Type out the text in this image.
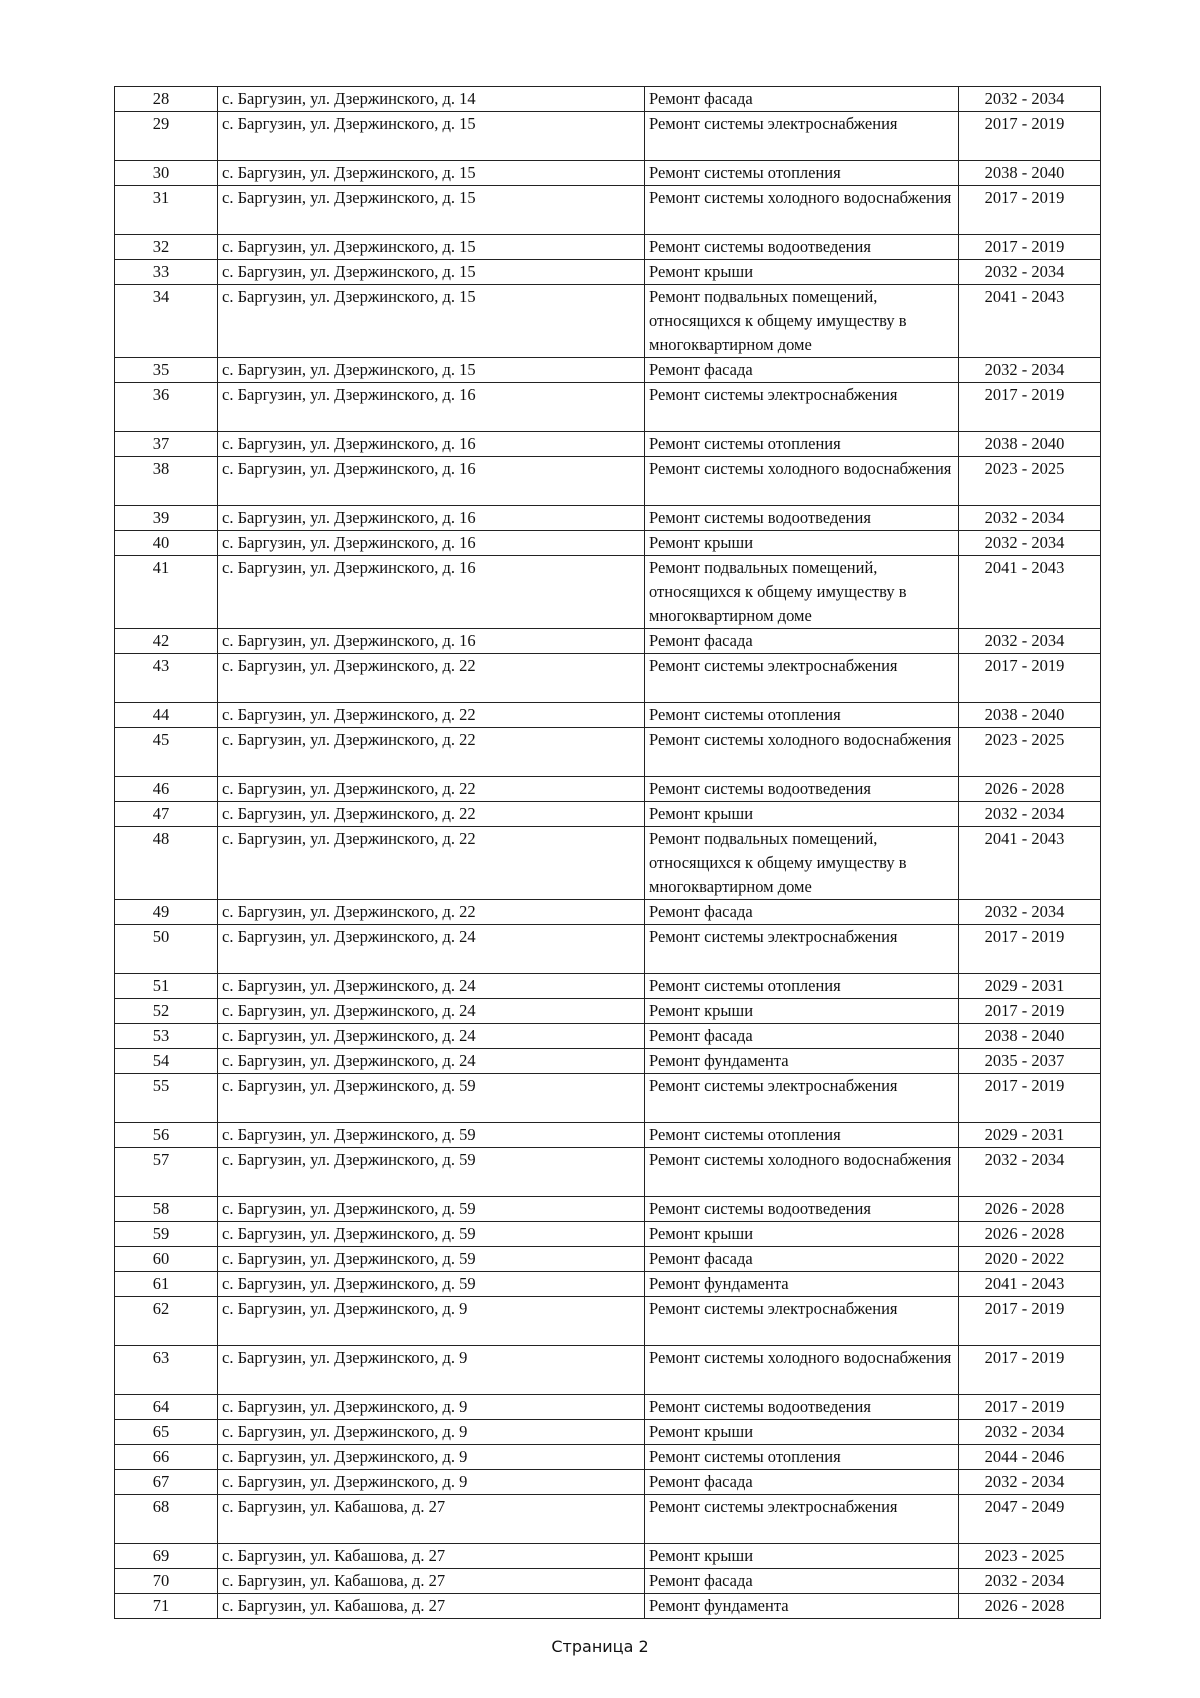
28	с. Баргузин, ул. Дзержинского, д. 14	Ремонт фасада	2032 - 2034
29	с. Баргузин, ул. Дзержинского, д. 15	Ремонт системы электроснабжения	2017 - 2019
30	с. Баргузин, ул. Дзержинского, д. 15	Ремонт системы отопления	2038 - 2040
31	с. Баргузин, ул. Дзержинского, д. 15	Ремонт системы холодного водоснабжения	2017 - 2019
32	с. Баргузин, ул. Дзержинского, д. 15	Ремонт системы водоотведения	2017 - 2019
33	с. Баргузин, ул. Дзержинского, д. 15	Ремонт крыши	2032 - 2034
34	с. Баргузин, ул. Дзержинского, д. 15	Ремонт подвальных помещений, относящихся к общему имуществу в многоквартирном доме	2041 - 2043
35	с. Баргузин, ул. Дзержинского, д. 15	Ремонт фасада	2032 - 2034
36	с. Баргузин, ул. Дзержинского, д. 16	Ремонт системы электроснабжения	2017 - 2019
37	с. Баргузин, ул. Дзержинского, д. 16	Ремонт системы отопления	2038 - 2040
38	с. Баргузин, ул. Дзержинского, д. 16	Ремонт системы холодного водоснабжения	2023 - 2025
39	с. Баргузин, ул. Дзержинского, д. 16	Ремонт системы водоотведения	2032 - 2034
40	с. Баргузин, ул. Дзержинского, д. 16	Ремонт крыши	2032 - 2034
41	с. Баргузин, ул. Дзержинского, д. 16	Ремонт подвальных помещений, относящихся к общему имуществу в многоквартирном доме	2041 - 2043
42	с. Баргузин, ул. Дзержинского, д. 16	Ремонт фасада	2032 - 2034
43	с. Баргузин, ул. Дзержинского, д. 22	Ремонт системы электроснабжения	2017 - 2019
44	с. Баргузин, ул. Дзержинского, д. 22	Ремонт системы отопления	2038 - 2040
45	с. Баргузин, ул. Дзержинского, д. 22	Ремонт системы холодного водоснабжения	2023 - 2025
46	с. Баргузин, ул. Дзержинского, д. 22	Ремонт системы водоотведения	2026 - 2028
47	с. Баргузин, ул. Дзержинского, д. 22	Ремонт крыши	2032 - 2034
48	с. Баргузин, ул. Дзержинского, д. 22	Ремонт подвальных помещений, относящихся к общему имуществу в многоквартирном доме	2041 - 2043
49	с. Баргузин, ул. Дзержинского, д. 22	Ремонт фасада	2032 - 2034
50	с. Баргузин, ул. Дзержинского, д. 24	Ремонт системы электроснабжения	2017 - 2019
51	с. Баргузин, ул. Дзержинского, д. 24	Ремонт системы отопления	2029 - 2031
52	с. Баргузин, ул. Дзержинского, д. 24	Ремонт крыши	2017 - 2019
53	с. Баргузин, ул. Дзержинского, д. 24	Ремонт фасада	2038 - 2040
54	с. Баргузин, ул. Дзержинского, д. 24	Ремонт фундамента	2035 - 2037
55	с. Баргузин, ул. Дзержинского, д. 59	Ремонт системы электроснабжения	2017 - 2019
56	с. Баргузин, ул. Дзержинского, д. 59	Ремонт системы отопления	2029 - 2031
57	с. Баргузин, ул. Дзержинского, д. 59	Ремонт системы холодного водоснабжения	2032 - 2034
58	с. Баргузин, ул. Дзержинского, д. 59	Ремонт системы водоотведения	2026 - 2028
59	с. Баргузин, ул. Дзержинского, д. 59	Ремонт крыши	2026 - 2028
60	с. Баргузин, ул. Дзержинского, д. 59	Ремонт фасада	2020 - 2022
61	с. Баргузин, ул. Дзержинского, д. 59	Ремонт фундамента	2041 - 2043
62	с. Баргузин, ул. Дзержинского, д. 9	Ремонт системы электроснабжения	2017 - 2019
63	с. Баргузин, ул. Дзержинского, д. 9	Ремонт системы холодного водоснабжения	2017 - 2019
64	с. Баргузин, ул. Дзержинского, д. 9	Ремонт системы водоотведения	2017 - 2019
65	с. Баргузин, ул. Дзержинского, д. 9	Ремонт крыши	2032 - 2034
66	с. Баргузин, ул. Дзержинского, д. 9	Ремонт системы отопления	2044 - 2046
67	с. Баргузин, ул. Дзержинского, д. 9	Ремонт фасада	2032 - 2034
68	с. Баргузин, ул. Кабашова, д. 27	Ремонт системы электроснабжения	2047 - 2049
69	с. Баргузин, ул. Кабашова, д. 27	Ремонт крыши	2023 - 2025
70	с. Баргузин, ул. Кабашова, д. 27	Ремонт фасада	2032 - 2034
71	с. Баргузин, ул. Кабашова, д. 27	Ремонт фундамента	2026 - 2028
Страница 2
